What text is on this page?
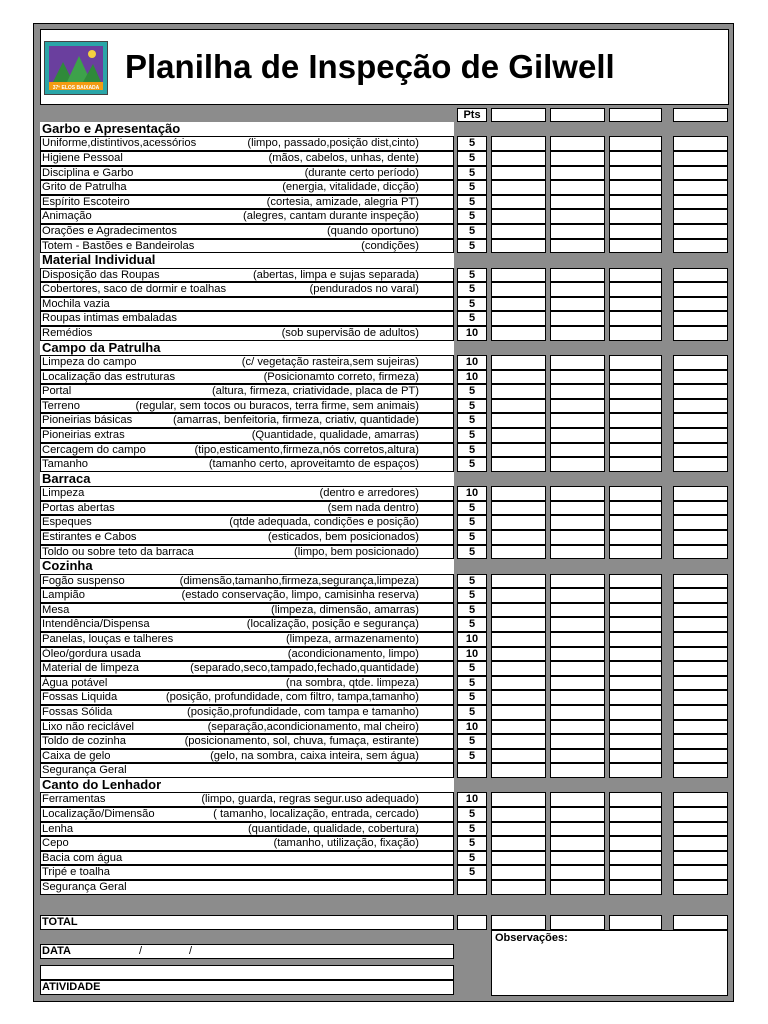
37º ELOS BAIXADA
Planilha de Inspeção de Gilwell
Pts
Garbo e Apresentação
Uniforme,distintivos,acessórios	(limpo, passado,posição dist,cinto)	5
Higiene Pessoal	(mãos, cabelos, unhas, dente)	5
Disciplina e Garbo	(durante certo período)	5
Grito de Patrulha	(energia, vitalidade, dicção)	5
Espírito Escoteiro	(cortesia, amizade, alegria PT)	5
Animação	(alegres, cantam durante inspeção)	5
Orações e Agradecimentos	(quando oportuno)	5
Totem - Bastões e Bandeirolas	(condições)	5
Material Individual
Disposição das Roupas	(abertas, limpa e sujas separada)	5
Cobertores, saco de dormir e toalhas	(pendurados no varal)	5
Mochila vazia	5
Roupas intimas embaladas	5
Remédios	(sob supervisão de adultos)	10
Campo da Patrulha
Limpeza do campo	(c/ vegetação rasteira,sem sujeiras)	10
Localização das estruturas	(Posicionamto correto, firmeza)	10
Portal	(altura, firmeza, criatividade, placa de PT)	5
Terreno	(regular, sem tocos ou buracos, terra firme, sem animais)	5
Pioneirias básicas	(amarras, benfeitoria, firmeza, criativ, quantidade)	5
Pioneirias extras	(Quantidade, qualidade, amarras)	5
Cercagem do campo	(tipo,esticamento,firmeza,nós corretos,altura)	5
Tamanho	(tamanho certo, aproveitamto de espaços)	5
Barraca
Limpeza	(dentro e arredores)	10
Portas abertas	(sem nada dentro)	5
Espeques	(qtde adequada, condições e posição)	5
Estirantes e Cabos	(esticados, bem posicionados)	5
Toldo ou sobre teto da barraca	(limpo, bem posicionado)	5
Cozinha
Fogão suspenso	(dimensão,tamanho,firmeza,segurança,limpeza)	5
Lampião	(estado conservação, limpo, camisinha reserva)	5
Mesa	(limpeza, dimensão, amarras)	5
Intendência/Dispensa	(localização, posição e segurança)	5
Panelas, louças e talheres	(limpeza, armazenamento)	10
Óleo/gordura usada	(acondicionamento, limpo)	10
Material de limpeza	(separado,seco,tampado,fechado,quantidade)	5
Água potável	(na sombra, qtde. limpeza)	5
Fossas Liquida	(posição, profundidade, com filtro, tampa,tamanho)	5
Fossas Sólida	(posição,profundidade, com tampa e tamanho)	5
Lixo não reciclável	(separação,acondicionamento, mal cheiro)	10
Toldo de cozinha	(posicionamento, sol, chuva, fumaça, estirante)	5
Caixa de gelo	(gelo, na sombra, caixa inteira, sem água)	5
Segurança Geral
Canto do Lenhador
Ferramentas	(limpo, guarda, regras segur.uso adequado)	10
Localização/Dimensão	( tamanho, localização, entrada, cercado)	5
Lenha	(quantidade, qualidade, cobertura)	5
Cepo	(tamanho, utilização, fixação)	5
Bacia com água	5
Tripé e toalha	5
Segurança Geral
TOTAL
DATA	/	/
ATIVIDADE
Observações:
